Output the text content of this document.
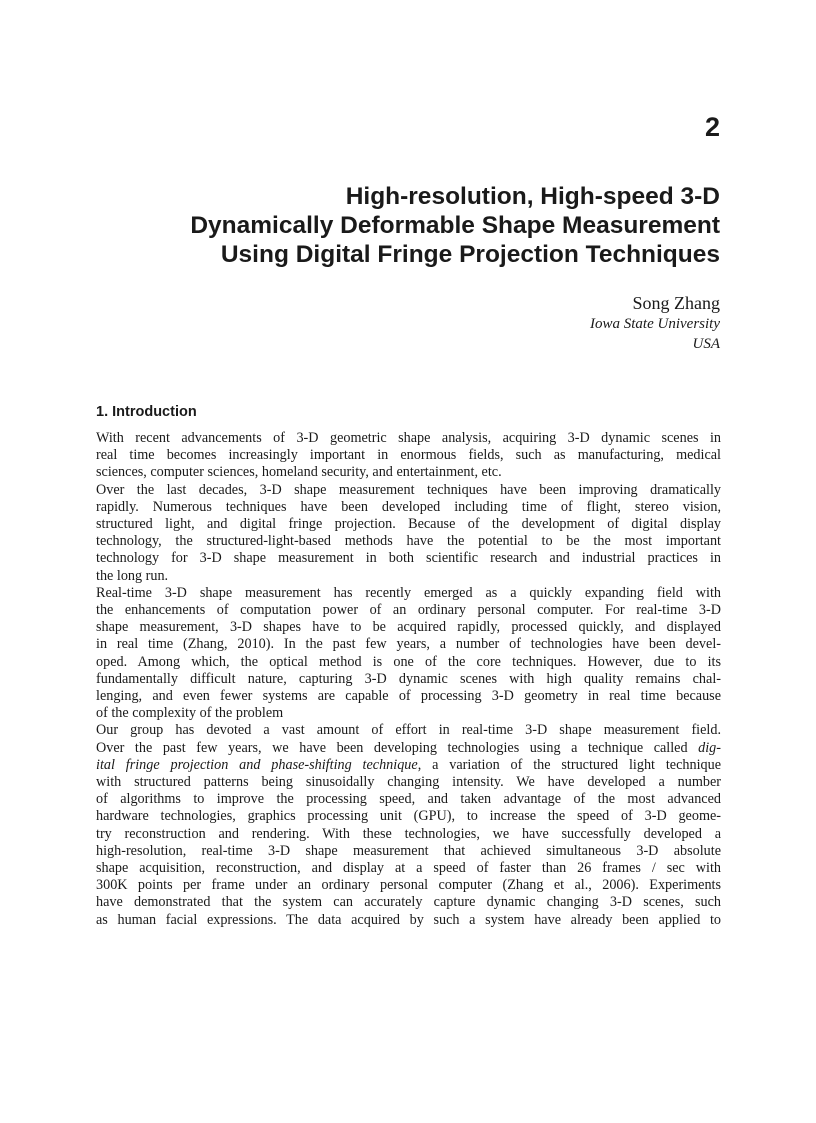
2
High-resolution, High-speed 3-D
Dynamically Deformable Shape Measurement
Using Digital Fringe Projection Techniques
Song Zhang
Iowa State University
USA
1. Introduction

With recent advancements of 3-D geometric shape analysis, acquiring 3-D dynamic scenes in
real time becomes increasingly important in enormous fields, such as manufacturing, medical
sciences, computer sciences, homeland security, and entertainment, etc.

Over the last decades, 3-D shape measurement techniques have been improving dramatically
rapidly. Numerous techniques have been developed including time of flight, stereo vision,
structured light, and digital fringe projection. Because of the development of digital display
technology, the structured-light-based methods have the potential to be the most important
technology for 3-D shape measurement in both scientific research and industrial practices in
the long run.

Real-time 3-D shape measurement has recently emerged as a quickly expanding field with
the enhancements of computation power of an ordinary personal computer. For real-time 3-D
shape measurement, 3-D shapes have to be acquired rapidly, processed quickly, and displayed
in real time (Zhang, 2010). In the past few years, a number of technologies have been devel-
oped. Among which, the optical method is one of the core techniques. However, due to its
fundamentally difficult nature, capturing 3-D dynamic scenes with high quality remains chal-
lenging, and even fewer systems are capable of processing 3-D geometry in real time because
of the complexity of the problem

Our group has devoted a vast amount of effort in real-time 3-D shape measurement field.
Over the past few years, we have been developing technologies using a technique called dig-
ital fringe projection and phase-shifting technique, a variation of the structured light technique
with structured patterns being sinusoidally changing intensity. We have developed a number
of algorithms to improve the processing speed, and taken advantage of the most advanced
hardware technologies, graphics processing unit (GPU), to increase the speed of 3-D geome-
try reconstruction and rendering. With these technologies, we have successfully developed a
high-resolution, real-time 3-D shape measurement that achieved simultaneous 3-D absolute
shape acquisition, reconstruction, and display at a speed of faster than 26 frames / sec with
300K points per frame under an ordinary personal computer (Zhang et al., 2006). Experiments
have demonstrated that the system can accurately capture dynamic changing 3-D scenes, such
as human facial expressions. The data acquired by such a system have already been applied to
